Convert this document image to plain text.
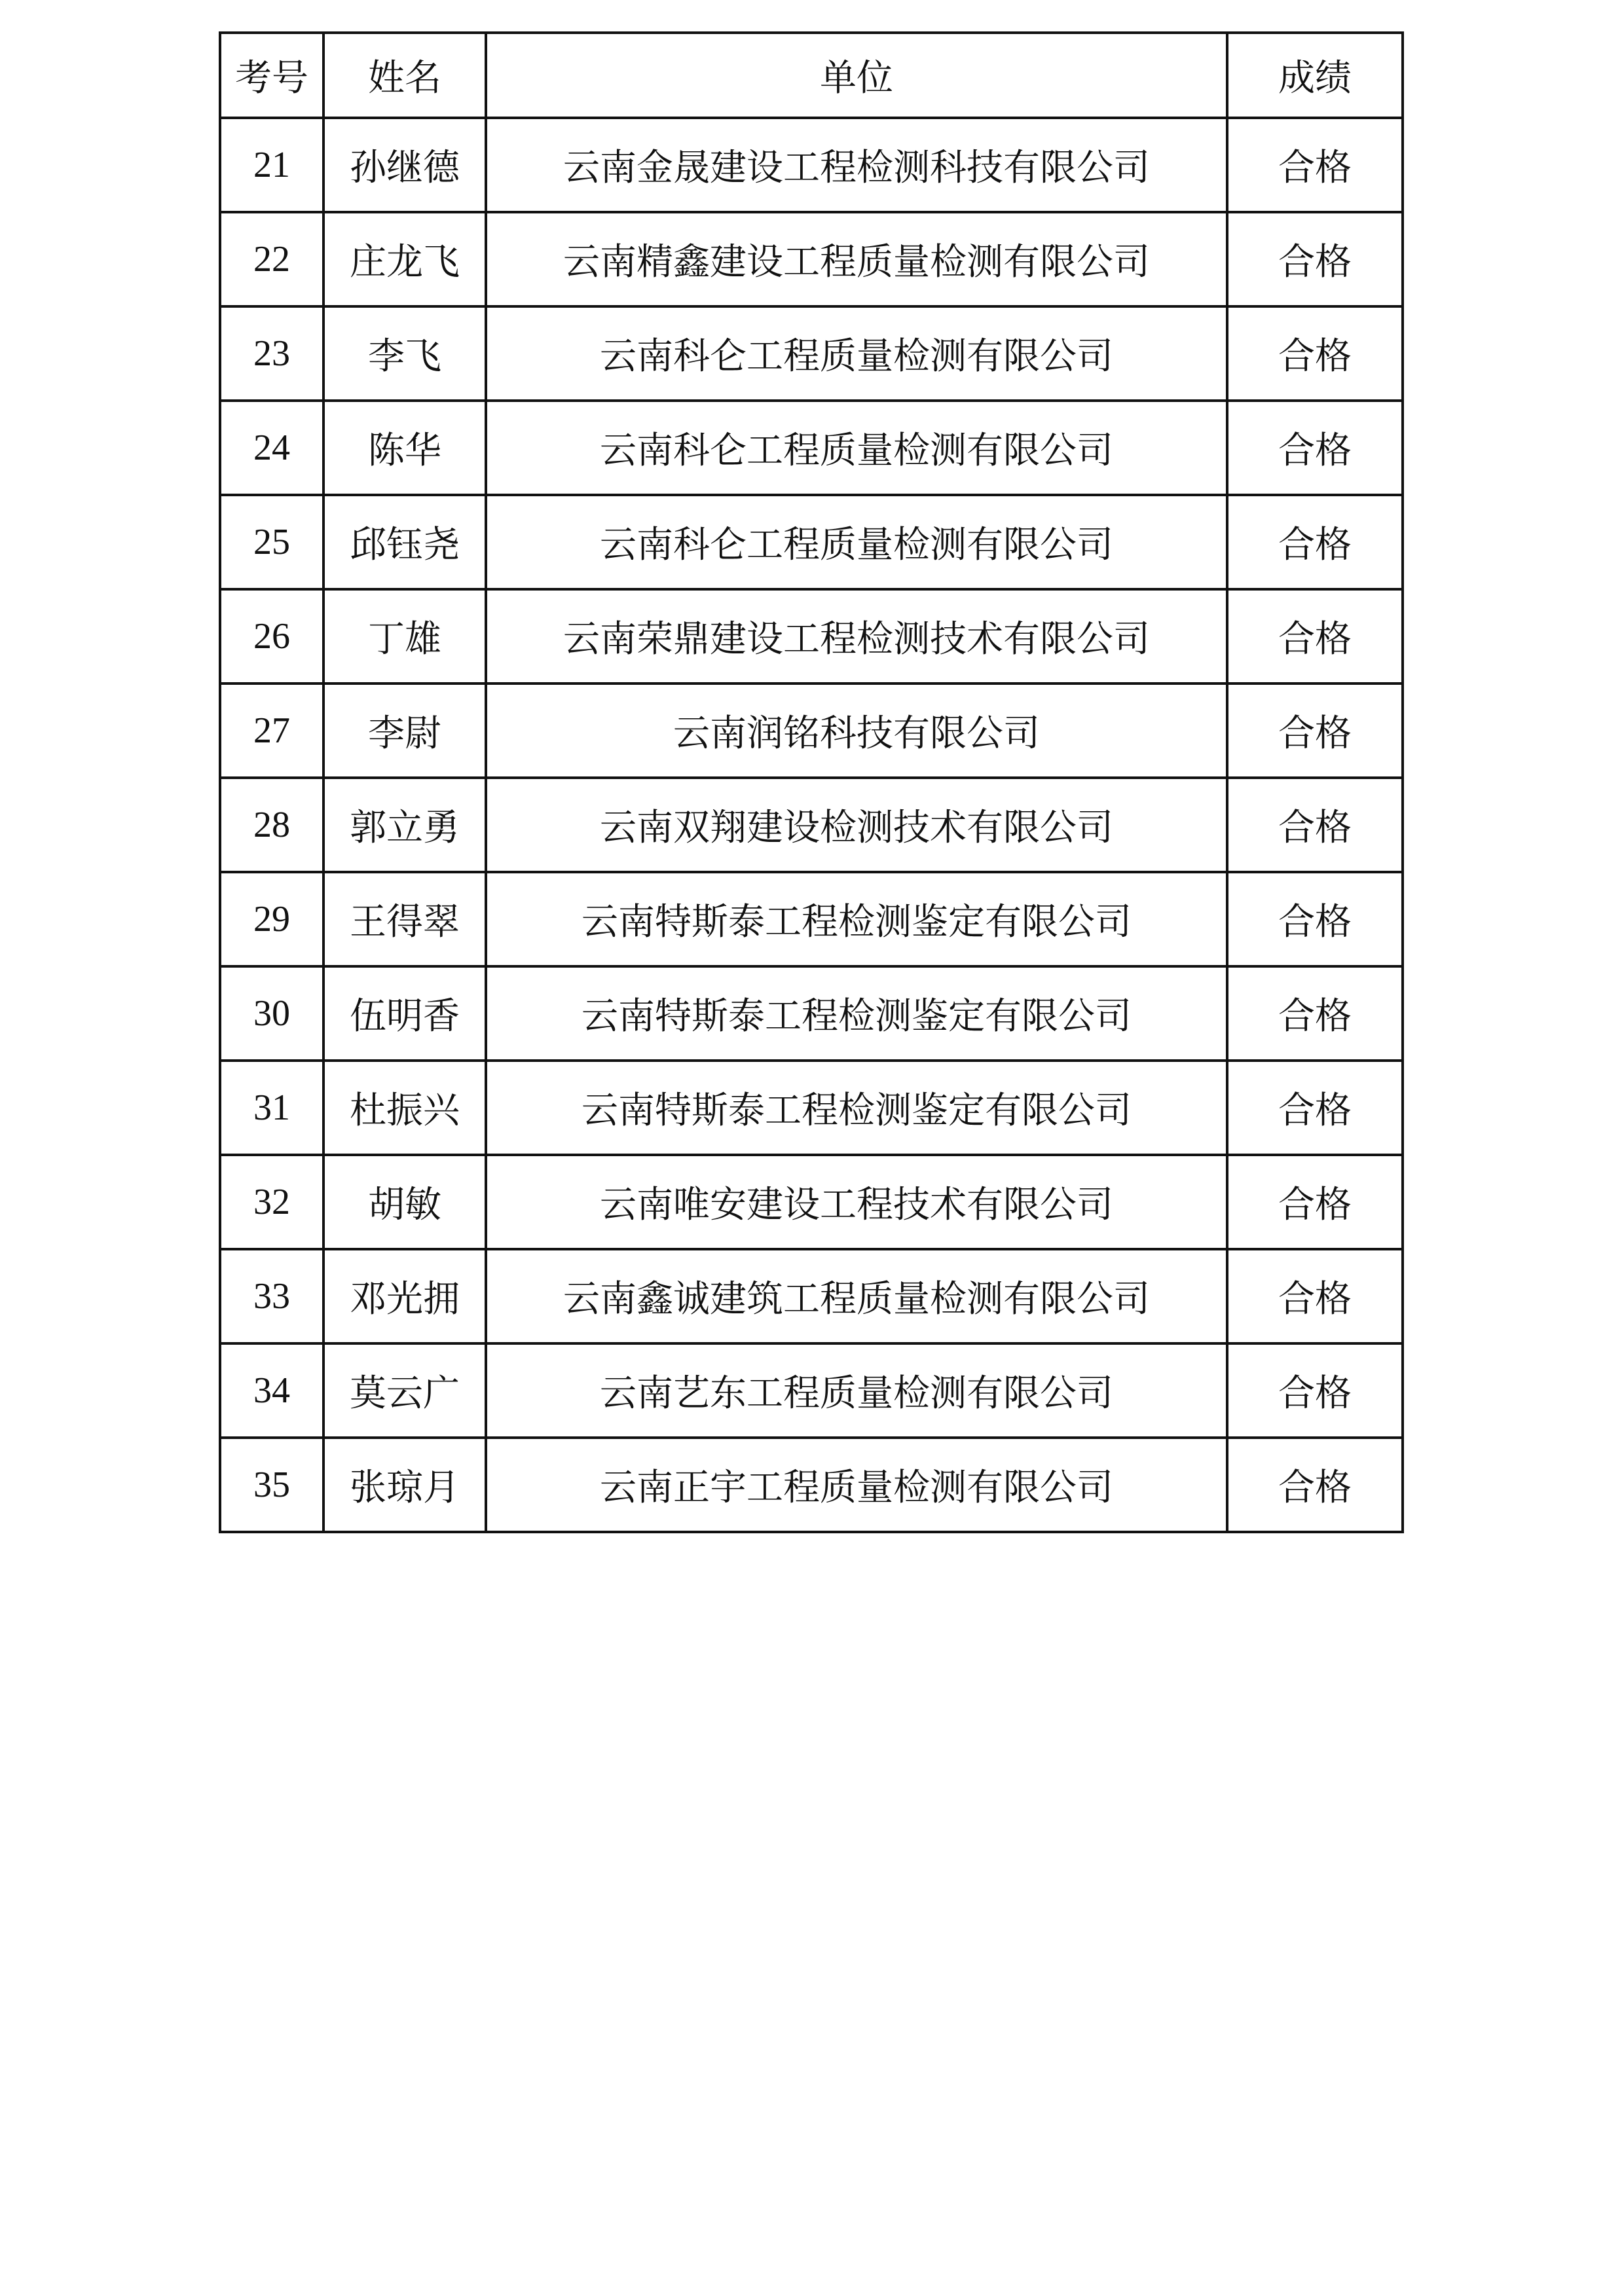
考号	姓名	单位	成绩
21	孙继德	云南金晟建设工程检测科技有限公司	合格
22	庄龙飞	云南精鑫建设工程质量检测有限公司	合格
23	李飞	云南科仑工程质量检测有限公司	合格
24	陈华	云南科仑工程质量检测有限公司	合格
25	邱钰尧	云南科仑工程质量检测有限公司	合格
26	丁雄	云南荣鼎建设工程检测技术有限公司	合格
27	李尉	云南润铭科技有限公司	合格
28	郭立勇	云南双翔建设检测技术有限公司	合格
29	王得翠	云南特斯泰工程检测鉴定有限公司	合格
30	伍明香	云南特斯泰工程检测鉴定有限公司	合格
31	杜振兴	云南特斯泰工程检测鉴定有限公司	合格
32	胡敏	云南唯安建设工程技术有限公司	合格
33	邓光拥	云南鑫诚建筑工程质量检测有限公司	合格
34	莫云广	云南艺东工程质量检测有限公司	合格
35	张琼月	云南正宇工程质量检测有限公司	合格
